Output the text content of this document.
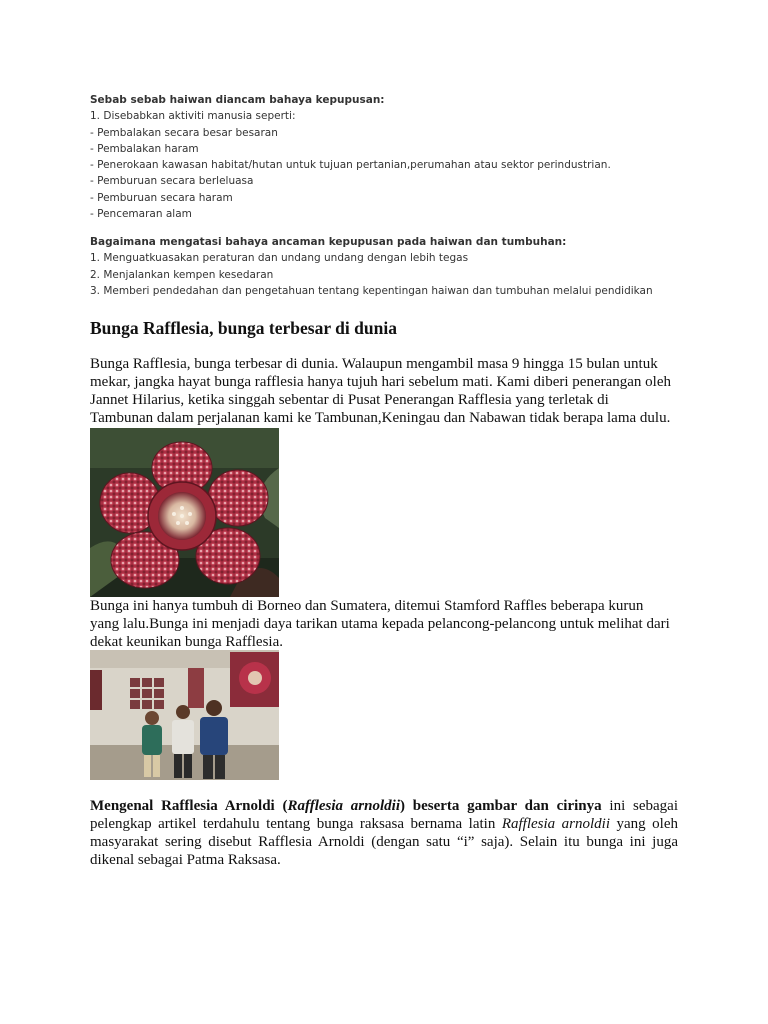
Sebab sebab haiwan diancam bahaya kepupusan:
1. Disebabkan aktiviti manusia seperti:
- Pembalakan secara besar besaran
- Pembalakan haram
- Penerokaan kawasan habitat/hutan untuk tujuan pertanian,perumahan atau sektor perindustrian.
- Pemburuan secara berleluasa
- Pemburuan secara haram
- Pencemaran alam
Bagaimana mengatasi bahaya ancaman kepupusan pada haiwan dan tumbuhan:
1. Menguatkuasakan peraturan dan undang undang dengan lebih tegas
2. Menjalankan kempen kesedaran
3. Memberi pendedahan dan pengetahuan tentang kepentingan haiwan dan tumbuhan melalui pendidikan
Bunga Rafflesia, bunga terbesar di dunia
Bunga Rafflesia, bunga terbesar di dunia. Walaupun mengambil masa 9 hingga 15 bulan untuk
mekar, jangka hayat bunga rafflesia hanya tujuh hari sebelum mati. Kami diberi penerangan oleh
Jannet Hilarius, ketika singgah sebentar di Pusat Penerangan Rafflesia yang terletak di
Tambunan dalam perjalanan kami ke Tambunan,Keningau dan Nabawan tidak berapa lama dulu.
Bunga ini hanya tumbuh di Borneo dan Sumatera, ditemui Stamford Raffles beberapa kurun
yang lalu.Bunga ini menjadi daya tarikan utama kepada pelancong-pelancong untuk melihat dari
dekat keunikan bunga Rafflesia.
Mengenal Rafflesia Arnoldi (Rafflesia arnoldii) beserta gambar dan cirinya ini sebagai pelengkap artikel terdahulu tentang bunga raksasa bernama latin Rafflesia arnoldii yang oleh masyarakat sering disebut Rafflesia Arnoldi (dengan satu “i” saja). Selain itu bunga ini juga dikenal sebagai Patma Raksasa.
